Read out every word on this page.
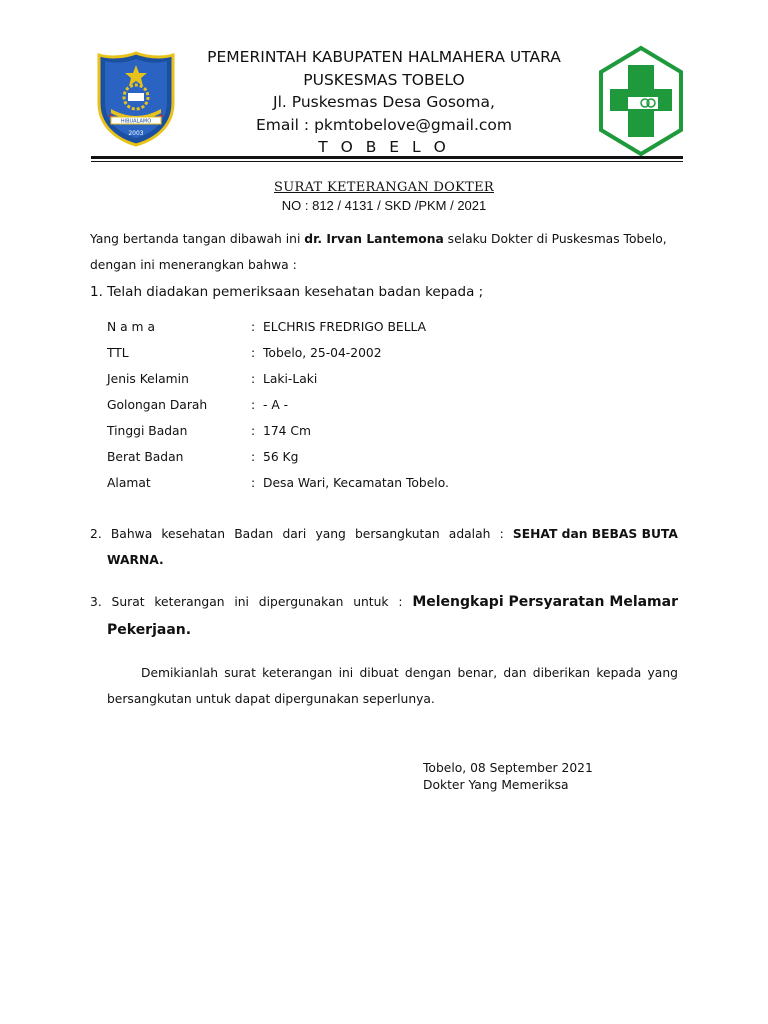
HIBUALAMO
2003
PEMERINTAH KABUPATEN HALMAHERA UTARA
PUSKESMAS TOBELO
Jl. Puskesmas Desa Gosoma,
Email : pkmtobelove@gmail.com
T O B E L O
SURAT KETERANGAN DOKTER
NO : 812 / 4131 / SKD /PKM / 2021
Yang bertanda tangan dibawah ini dr. Irvan Lantemona selaku Dokter di Puskesmas Tobelo,
dengan ini menerangkan bahwa :
1. Telah diadakan pemeriksaan kesehatan badan kepada ;
N a m a	: ELCHRIS FREDRIGO BELLA
TTL	: Tobelo, 25-04-2002
Jenis Kelamin	: Laki-Laki
Golongan Darah	: - A -
Tinggi Badan	: 174 Cm
Berat Badan	: 56 Kg
Alamat	: Desa Wari, Kecamatan Tobelo.
2. Bahwa kesehatan Badan dari yang bersangkutan adalah : SEHAT dan BEBAS BUTA
WARNA.
3. Surat keterangan ini dipergunakan untuk : Melengkapi Persyaratan Melamar
Pekerjaan.
Demikianlah surat keterangan ini dibuat dengan benar, dan diberikan kepada yang
bersangkutan untuk dapat dipergunakan seperlunya.
Tobelo, 08 September 2021
Dokter Yang Memeriksa
